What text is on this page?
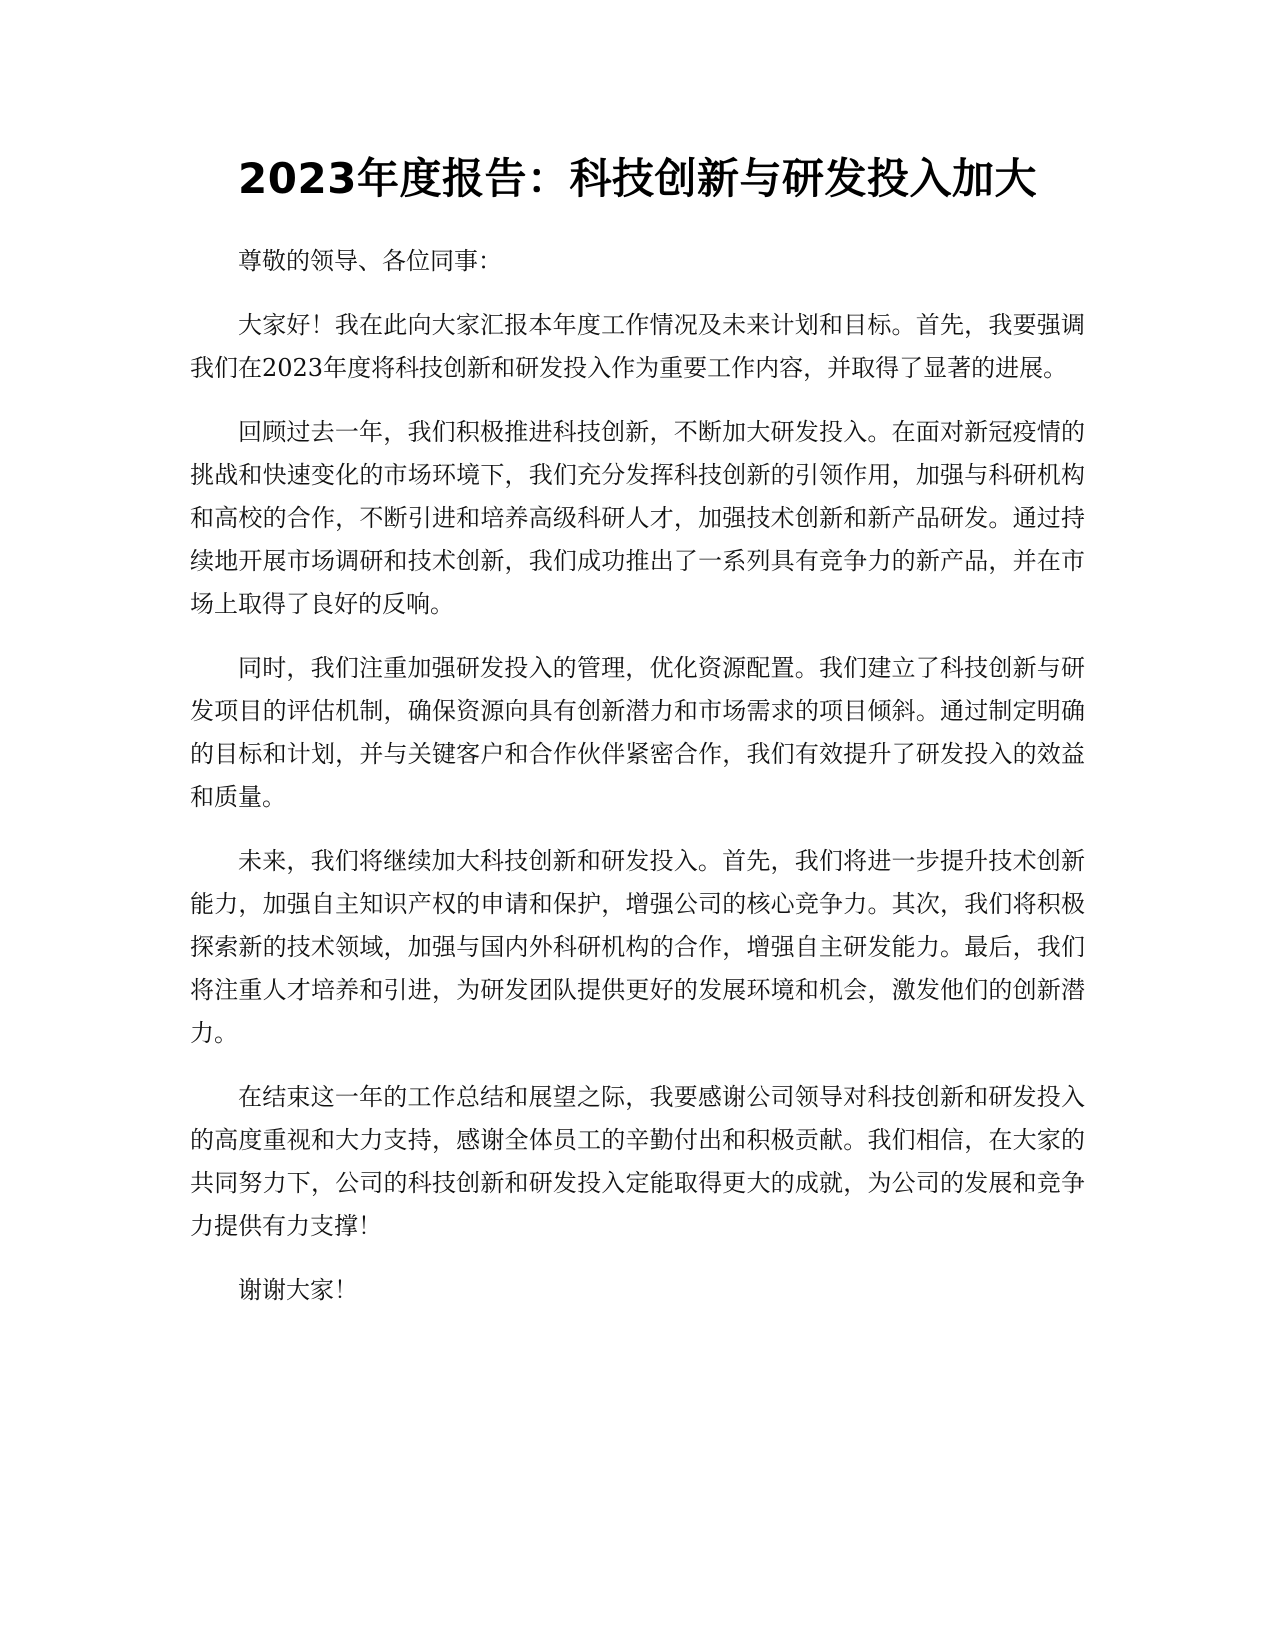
2023年度报告：科技创新与研发投入加大

尊敬的领导、各位同事：

大家好！我在此向大家汇报本年度工作情况及未来计划和目标。首先，我要强调我们在2023年度将科技创新和研发投入作为重要工作内容，并取得了显著的进展。

回顾过去一年，我们积极推进科技创新，不断加大研发投入。在面对新冠疫情的挑战和快速变化的市场环境下，我们充分发挥科技创新的引领作用，加强与科研机构和高校的合作，不断引进和培养高级科研人才，加强技术创新和新产品研发。通过持续地开展市场调研和技术创新，我们成功推出了一系列具有竞争力的新产品，并在市场上取得了良好的反响。

同时，我们注重加强研发投入的管理，优化资源配置。我们建立了科技创新与研发项目的评估机制，确保资源向具有创新潜力和市场需求的项目倾斜。通过制定明确的目标和计划，并与关键客户和合作伙伴紧密合作，我们有效提升了研发投入的效益和质量。

未来，我们将继续加大科技创新和研发投入。首先，我们将进一步提升技术创新能力，加强自主知识产权的申请和保护，增强公司的核心竞争力。其次，我们将积极探索新的技术领域，加强与国内外科研机构的合作，增强自主研发能力。最后，我们将注重人才培养和引进，为研发团队提供更好的发展环境和机会，激发他们的创新潜力。

在结束这一年的工作总结和展望之际，我要感谢公司领导对科技创新和研发投入的高度重视和大力支持，感谢全体员工的辛勤付出和积极贡献。我们相信，在大家的共同努力下，公司的科技创新和研发投入定能取得更大的成就，为公司的发展和竞争力提供有力支撑！

谢谢大家！
